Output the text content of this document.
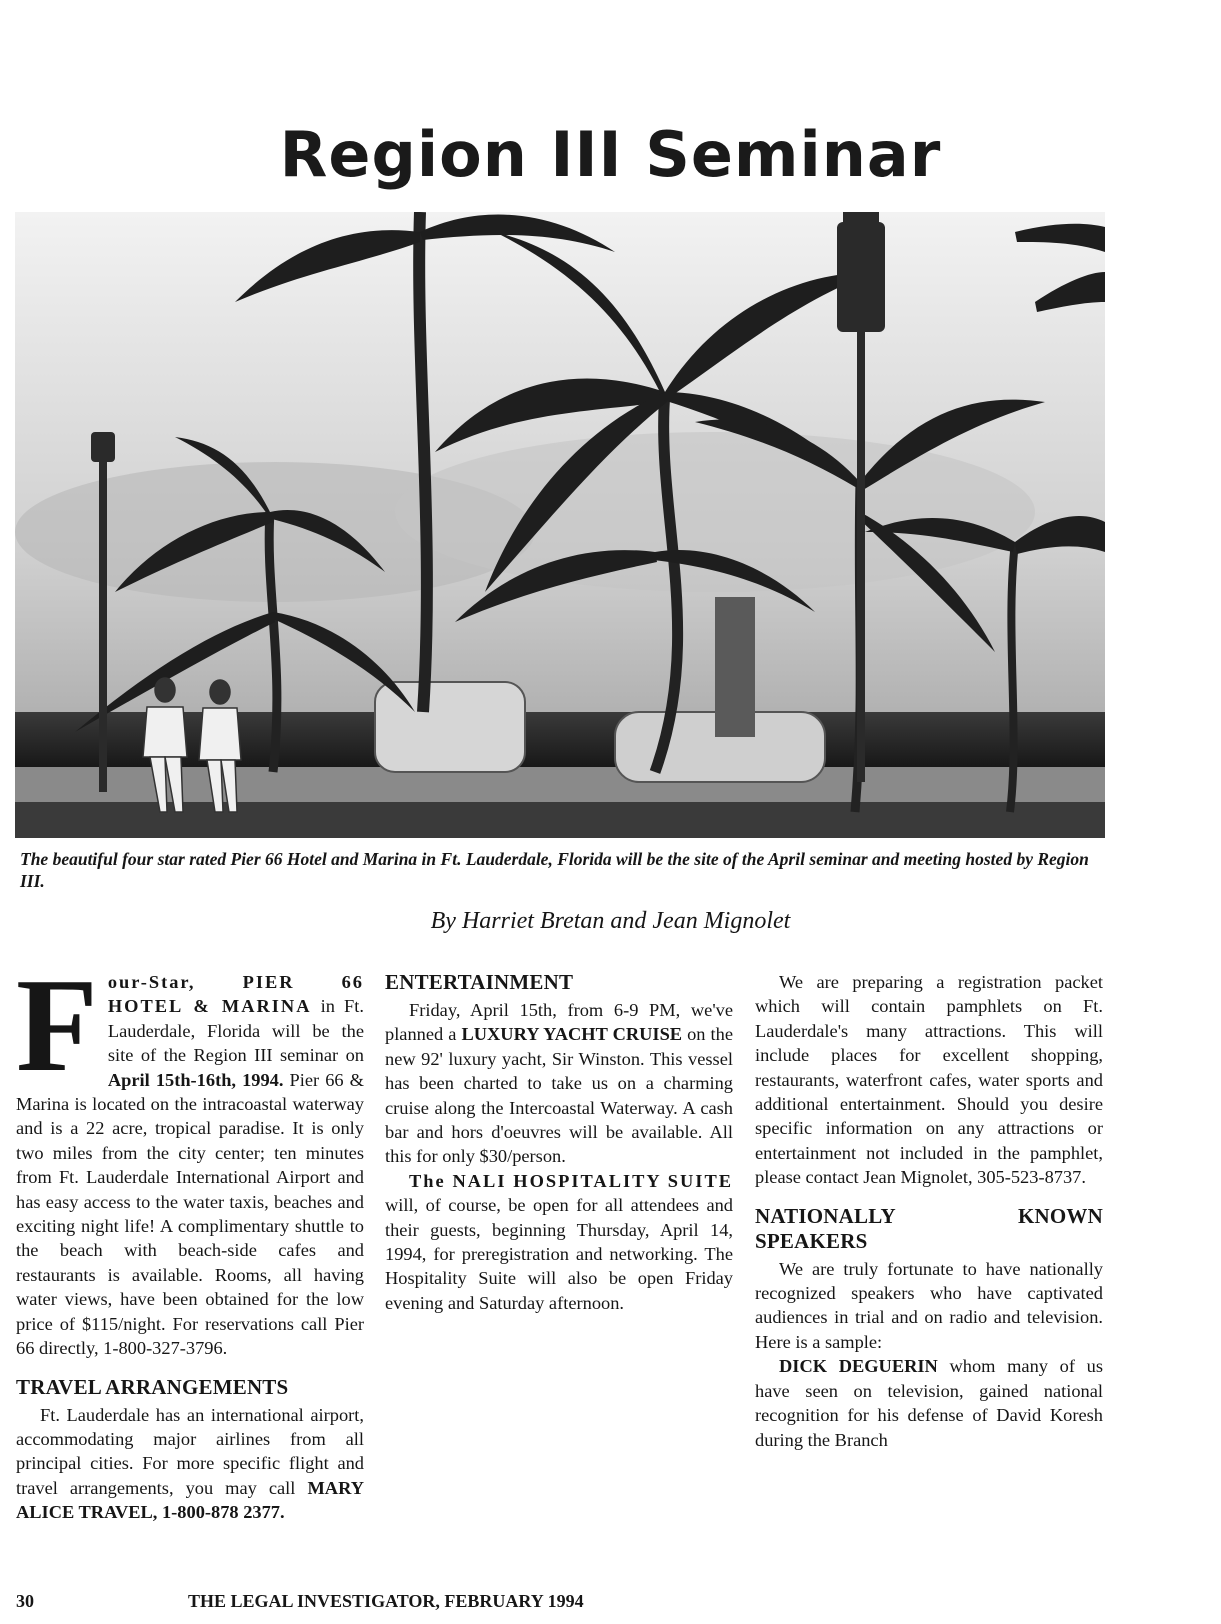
Region III Seminar

The beautiful four star rated Pier 66 Hotel and Marina in Ft. Lauderdale, Florida will be the site of the April seminar and meeting hosted by Region III.

By Harriet Bretan and Jean Mignolet

Four-Star, PIER 66 HOTEL & MARINA in Ft. Lauderdale, Florida will be the site of the Region III seminar on April 15th-16th, 1994. Pier 66 & Marina is located on the intracoastal waterway and is a 22 acre, tropical paradise. It is only two miles from the city center; ten minutes from Ft. Lauderdale International Airport and has easy access to the water taxis, beaches and exciting night life! A complimentary shuttle to the beach with beach-side cafes and restaurants is available. Rooms, all having water views, have been obtained for the low price of $115/night. For reservations call Pier 66 directly, 1-800-327-3796.

TRAVEL ARRANGEMENTS

Ft. Lauderdale has an international airport, accommodating major airlines from all principal cities. For more specific flight and travel arrangements, you may call MARY ALICE TRAVEL, 1-800-878 2377.

ENTERTAINMENT

Friday, April 15th, from 6-9 PM, we've planned a LUXURY YACHT CRUISE on the new 92' luxury yacht, Sir Winston. This vessel has been charted to take us on a charming cruise along the Intercoastal Waterway. A cash bar and hors d'oeuvres will be available. All this for only $30/person.

The NALI HOSPITALITY SUITE will, of course, be open for all attendees and their guests, beginning Thursday, April 14, 1994, for preregistration and networking. The Hospitality Suite will also be open Friday evening and Saturday afternoon.

We are preparing a registration packet which will contain pamphlets on Ft. Lauderdale's many attractions. This will include places for excellent shopping, restaurants, waterfront cafes, water sports and additional entertainment. Should you desire specific information on any attractions or entertainment not included in the pamphlet, please contact Jean Mignolet, 305-523-8737.

NATIONALLY KNOWN SPEAKERS

We are truly fortunate to have nationally recognized speakers who have captivated audiences in trial and on radio and television. Here is a sample:

DICK DEGUERIN whom many of us have seen on television, gained national recognition for his defense of David Koresh during the Branch

30	THE LEGAL INVESTIGATOR, FEBRUARY 1994
